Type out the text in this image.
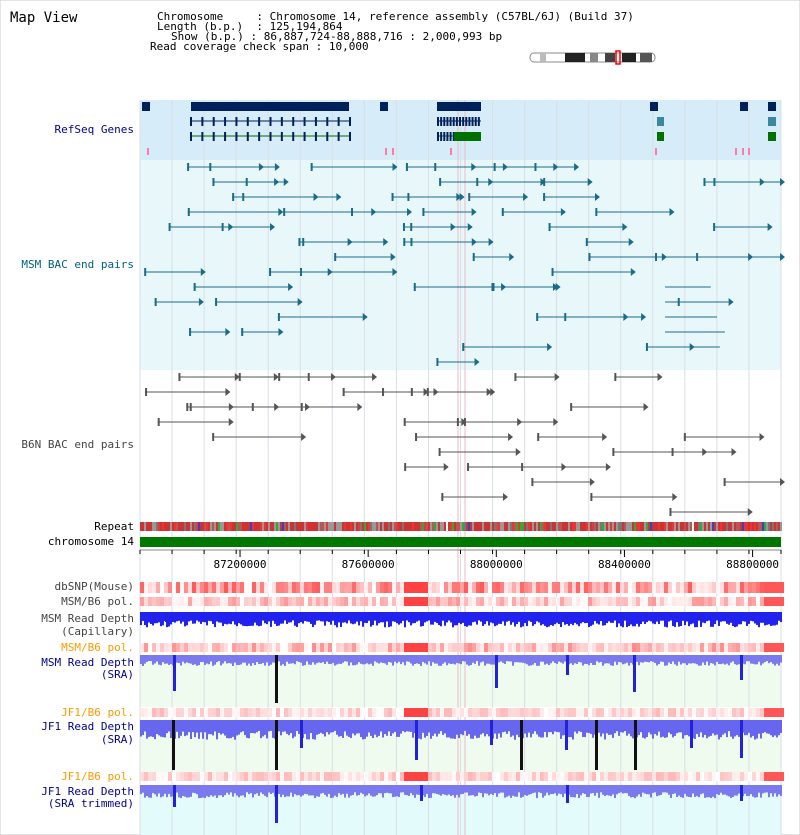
Map View	Chromosome	: Chromosome 14, reference assembly (C57BL/6J) (Build 37)
Length (b.p.) : 125,194,864
Show (b.p.) : 86,887,724-88,888,716 : 2,000,993 bp
Read coverage check span : 10,000
87200000	87600000	88000000	88400000	88800000
RefSeq Genes
MSM BAC end pairs
B6N BAC end pairs
Repeat
chromosome 14
dbSNP(Mouse)
MSM/B6 pol.
MSM Read Depth
(Capillary)
MSM/B6 pol.
MSM Read Depth
(SRA)
JF1/B6 pol.
JF1 Read Depth
(SRA)
JF1/B6 pol.
JF1 Read Depth
(SRA trimmed)
